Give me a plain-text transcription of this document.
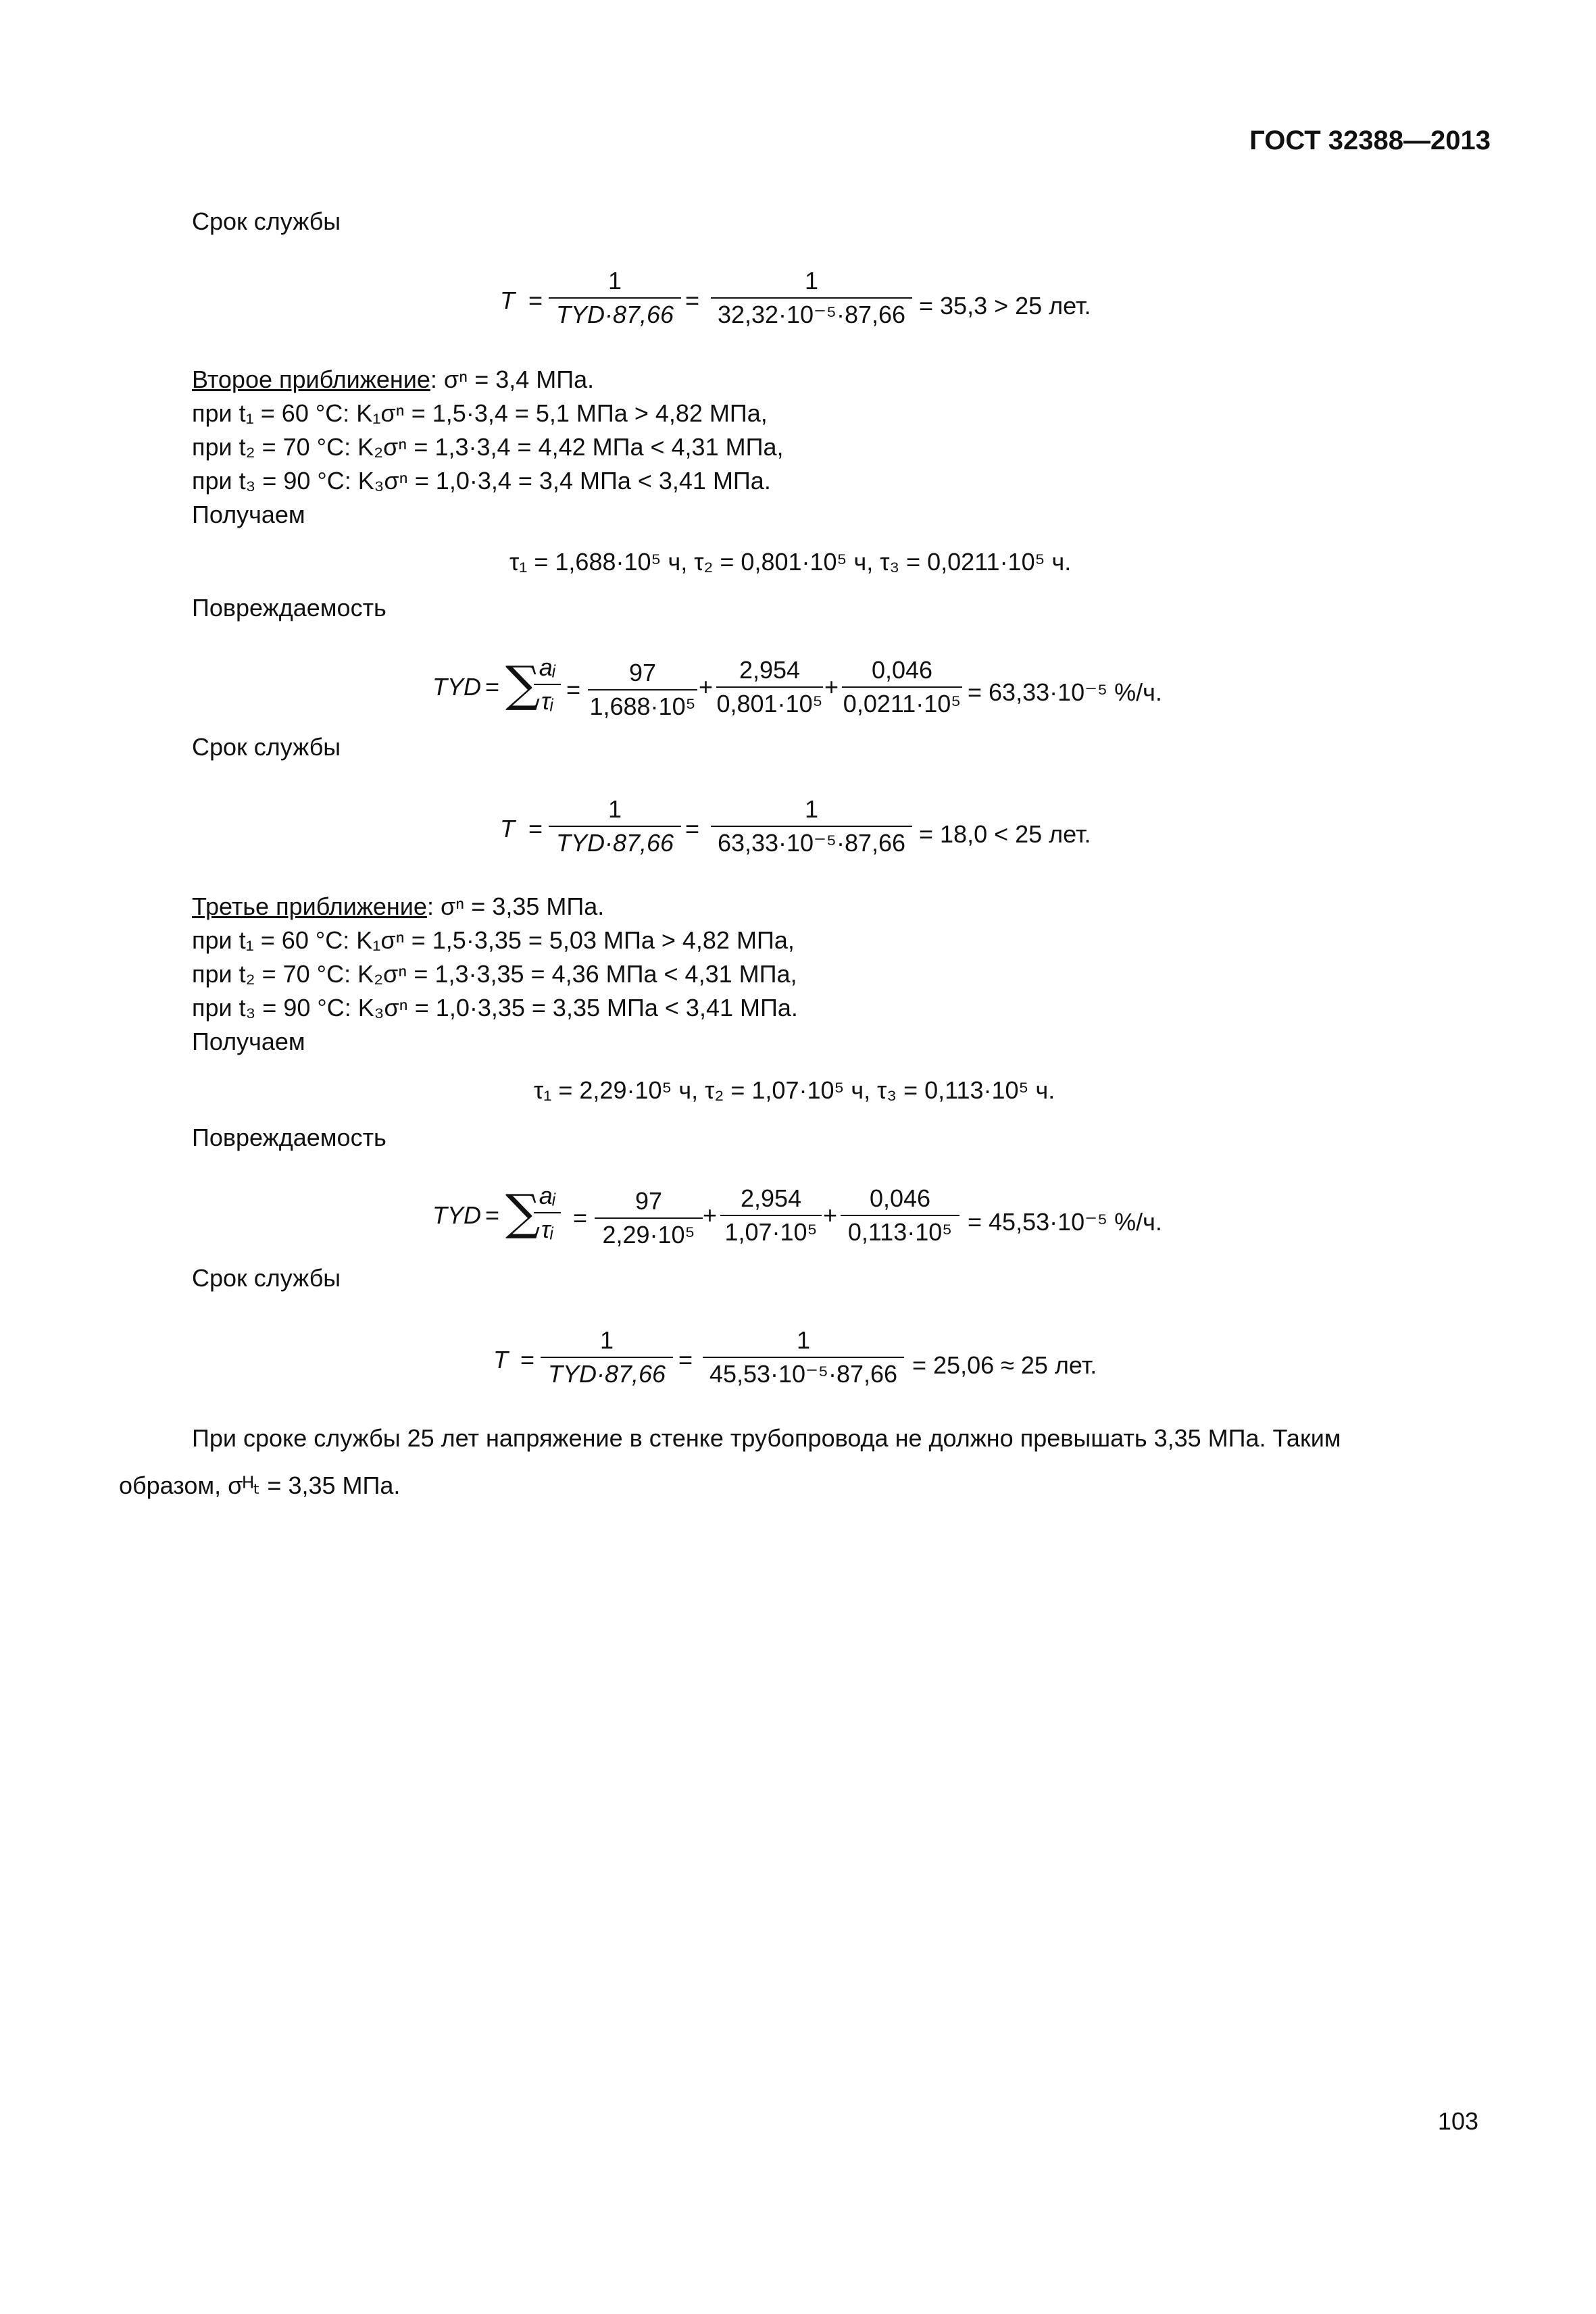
ГОСТ 32388—2013
Срок службы
T =
1
TYD·87,66
=
1
32,32·10⁻⁵·87,66 = 35,3 > 25 лет.
Второе приближение: σⁿ = 3,4 МПа.
при t₁ = 60 °С: K₁σⁿ = 1,5·3,4 = 5,1 МПа > 4,82 МПа,
при t₂ = 70 °С: K₂σⁿ = 1,3·3,4 = 4,42 МПа < 4,31 МПа,
при t₃ = 90 °С: K₃σⁿ = 1,0·3,4 = 3,4 МПа < 3,41 МПа.
Получаем
τ₁ = 1,688·10⁵ ч, τ₂ = 0,801·10⁵ ч, τ₃ = 0,0211·10⁵ ч.
Повреждаемость
TYD = ∑
aᵢ
τᵢ =
97
1,688·10⁵
+
2,954
0,801·10⁵
+
0,046
0,0211·10⁵ = 63,33·10⁻⁵ %/ч.
Срок службы
T =
1
TYD·87,66
=
1
63,33·10⁻⁵·87,66 = 18,0 < 25 лет.
Третье приближение: σⁿ = 3,35 МПа.
при t₁ = 60 °С: K₁σⁿ = 1,5·3,35 = 5,03 МПа > 4,82 МПа,
при t₂ = 70 °С: K₂σⁿ = 1,3·3,35 = 4,36 МПа < 4,31 МПа,
при t₃ = 90 °С: K₃σⁿ = 1,0·3,35 = 3,35 МПа < 3,41 МПа.
Получаем
τ₁ = 2,29·10⁵ ч, τ₂ = 1,07·10⁵ ч, τ₃ = 0,113·10⁵ ч.
Повреждаемость
TYD = ∑
aᵢ
τᵢ =
97
2,29·10⁵
+
2,954
1,07·10⁵
+
0,046
0,113·10⁵ = 45,53·10⁻⁵ %/ч.
Срок службы
T =
1
TYD·87,66
=
1
45,53·10⁻⁵·87,66 = 25,06 ≈ 25 лет.
При сроке службы 25 лет напряжение в стенке трубопровода не должно превышать 3,35 МПа. Таким
образом, σᴴₜ = 3,35 МПа.
103
